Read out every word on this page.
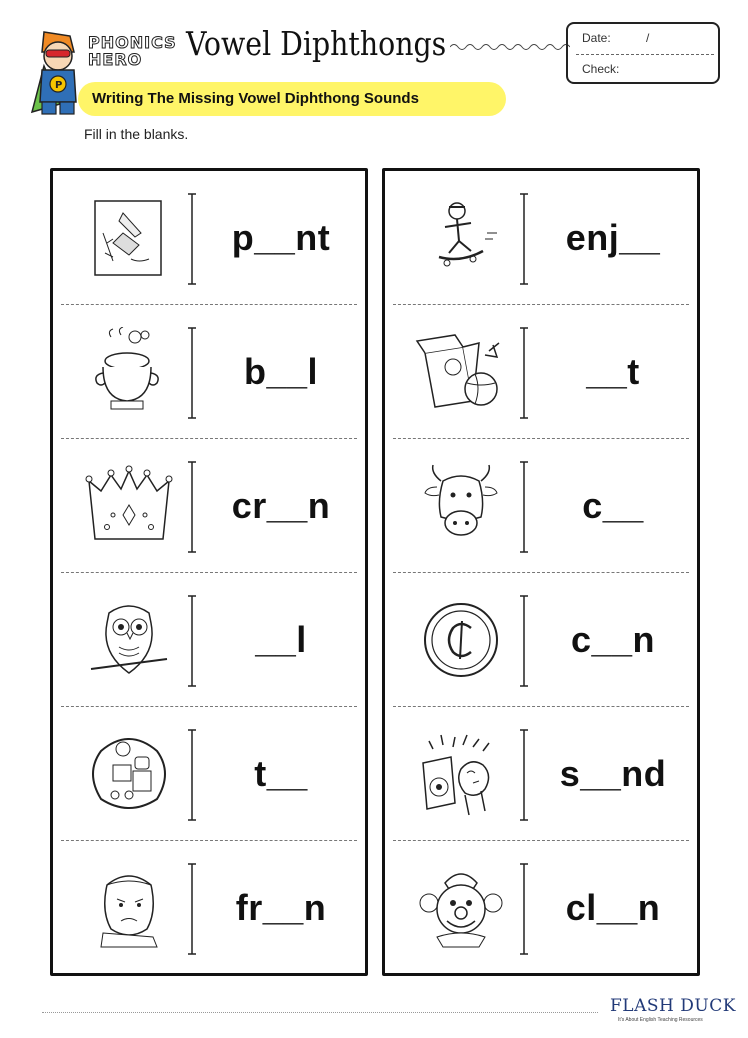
P
PHONICS HERO	Vowel Diphthongs	Date:	/
Check:
Writing The Missing Vowel Diphthong Sounds
Fill in the blanks.
p__nt
b__l
cr__n
__l
t__
fr__n
enj__
__t
c__
c__n
s__nd
cl__n
FLASH DUCK
It's About English Teaching Resources
